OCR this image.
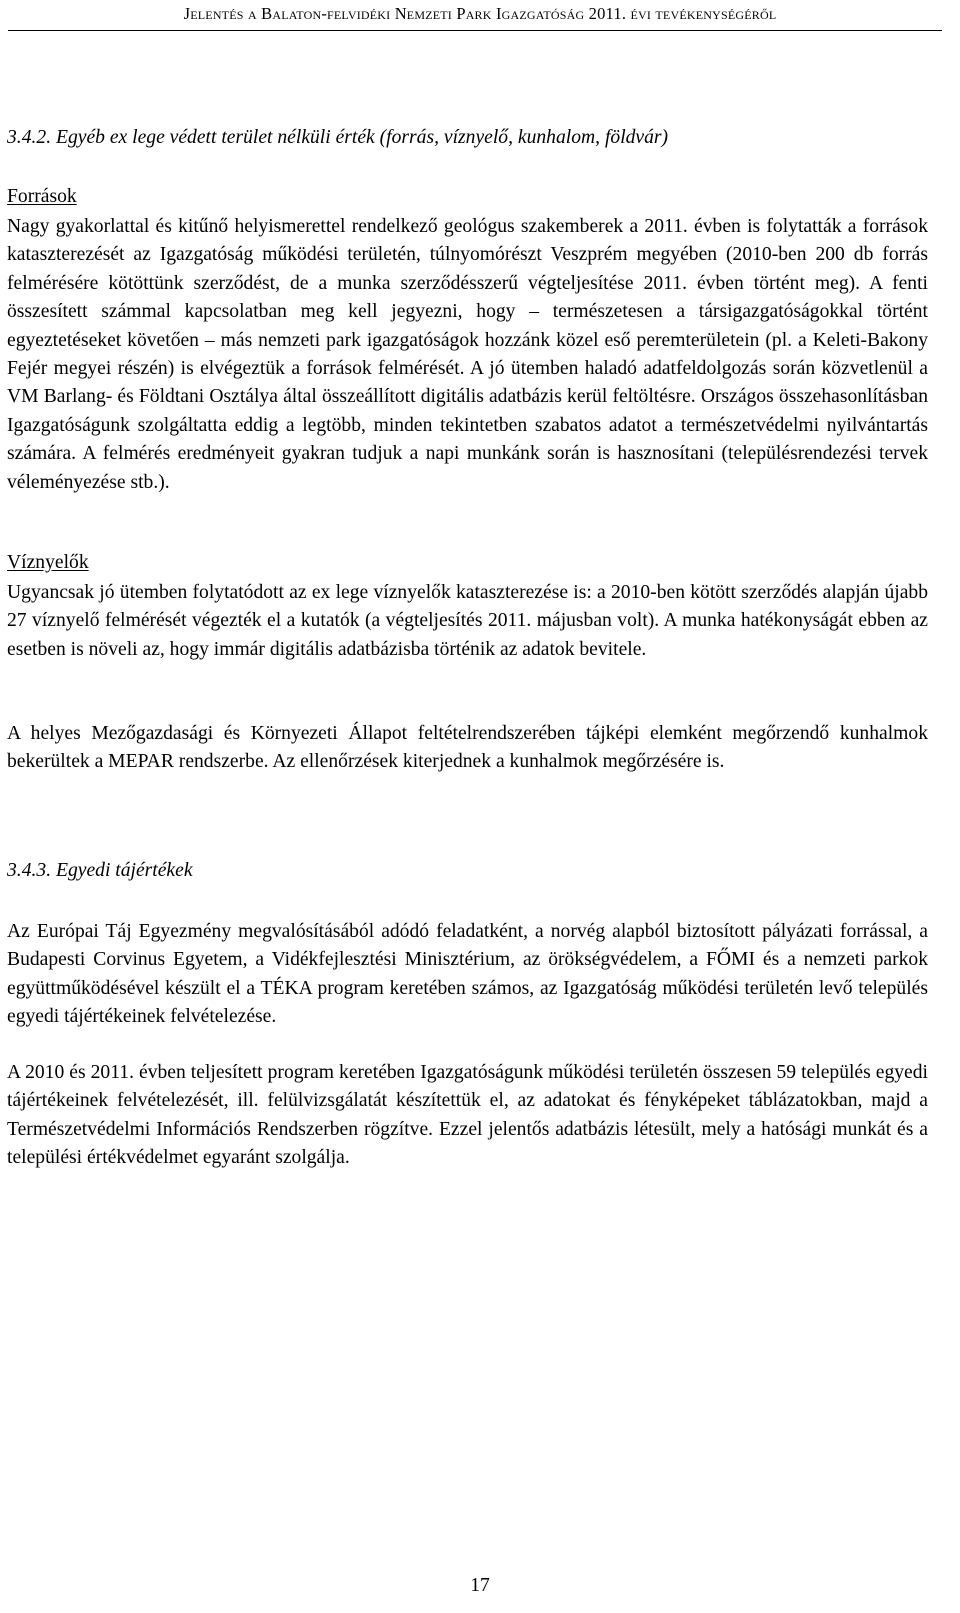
Jelentés a Balaton-felvidéki Nemzeti Park Igazgatóság 2011. évi tevékenységéről
3.4.2. Egyéb ex lege védett terület nélküli érték (forrás, víznyelő, kunhalom, földvár)
Források

Nagy gyakorlattal és kitűnő helyismerettel rendelkező geológus szakemberek a 2011. évben is folytatták a források kataszterezését az Igazgatóság működési területén, túlnyomórészt Veszprém megyében (2010-ben 200 db forrás felmérésére kötöttünk szerződést, de a munka szerződésszerű végteljesítése 2011. évben történt meg). A fenti összesített számmal kapcsolatban meg kell jegyezni, hogy – természetesen a társigazgatóságokkal történt egyeztetéseket követően – más nemzeti park igazgatóságok hozzánk közel eső peremterületein (pl. a Keleti-Bakony Fejér megyei részén) is elvégeztük a források felmérését. A jó ütemben haladó adatfeldolgozás során közvetlenül a VM Barlang- és Földtani Osztálya által összeállított digitális adatbázis kerül feltöltésre. Országos összehasonlításban Igazgatóságunk szolgáltatta eddig a legtöbb, minden tekintetben szabatos adatot a természetvédelmi nyilvántartás számára. A felmérés eredményeit gyakran tudjuk a napi munkánk során is hasznosítani (településrendezési tervek véleményezése stb.).

Víznyelők

Ugyancsak jó ütemben folytatódott az ex lege víznyelők kataszterezése is: a 2010-ben kötött szerződés alapján újabb 27 víznyelő felmérését végezték el a kutatók (a végteljesítés 2011. májusban volt). A munka hatékonyságát ebben az esetben is növeli az, hogy immár digitális adatbázisba történik az adatok bevitele.

A helyes Mezőgazdasági és Környezeti Állapot feltételrendszerében tájképi elemként megőrzendő kunhalmok bekerültek a MEPAR rendszerbe. Az ellenőrzések kiterjednek a kunhalmok megőrzésére is.

3.4.3. Egyedi tájértékek

Az Európai Táj Egyezmény megvalósításából adódó feladatként, a norvég alapból biztosított pályázati forrással, a Budapesti Corvinus Egyetem, a Vidékfejlesztési Minisztérium, az örökségvédelem, a FŐMI és a nemzeti parkok együttműködésével készült el a TÉKA program keretében számos, az Igazgatóság működési területén levő település egyedi tájértékeinek felvételezése.

A 2010 és 2011. évben teljesített program keretében Igazgatóságunk működési területén összesen 59 település egyedi tájértékeinek felvételezését, ill. felülvizsgálatát készítettük el, az adatokat és fényképeket táblázatokban, majd a Természetvédelmi Információs Rendszerben rögzítve. Ezzel jelentős adatbázis létesült, mely a hatósági munkát és a települési értékvédelmet egyaránt szolgálja.

17
